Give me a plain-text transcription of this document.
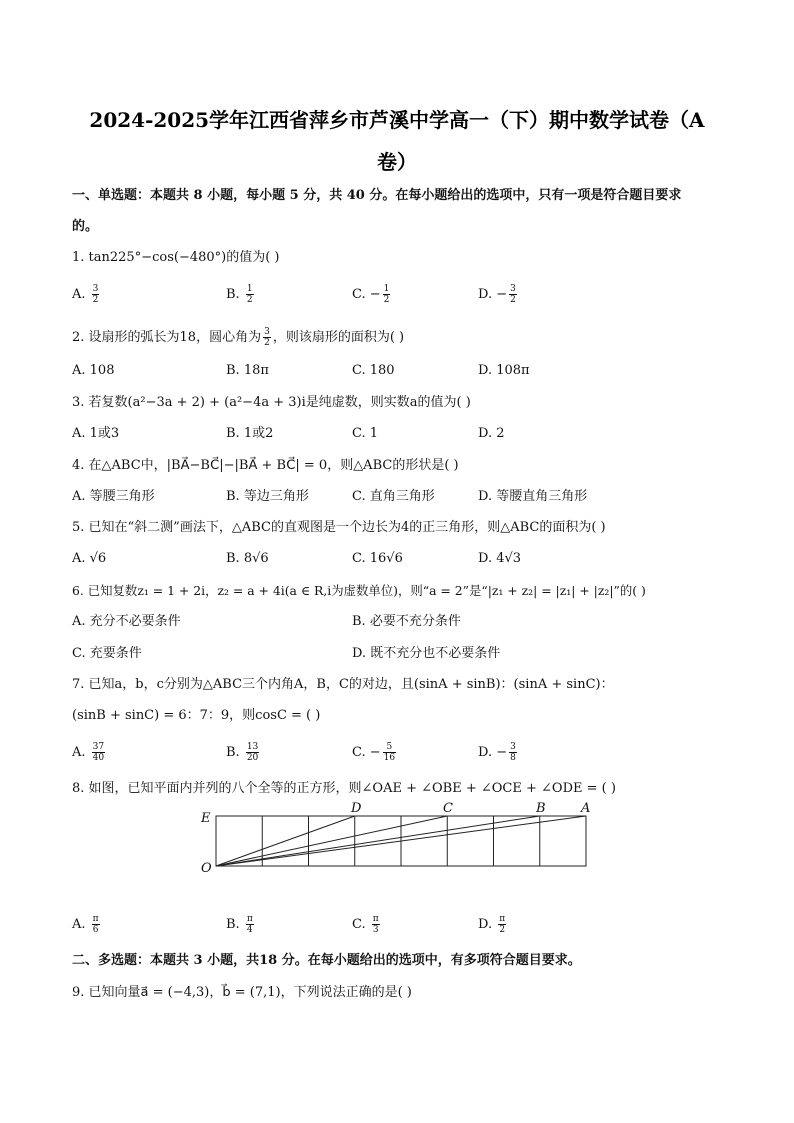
2024-2025学年江西省萍乡市芦溪中学高一（下）期中数学试卷（A
卷）
一、单选题：本题共 8 小题，每小题 5 分，共 40 分。在每小题给出的选项中，只有一项是符合题目要求
的。
1. tan225°−cos(−480°)的值为( )
A. $\frac{3}{2}$	B. $\frac{1}{2}$	C. − $\frac{1}{2}$	D. − $\frac{3}{2}$
2. 设扇形的弧长为18，圆心角为 $\frac{3}{2}$ ，则该扇形的面积为( )
A. 108	B. 18π	C. 180	D. 108π
3. 若复数(a²−3a + 2) + (a²−4a + 3)i是纯虚数，则实数a的值为( )
A. 1或3	B. 1或2	C. 1	D. 2
4. 在△ABC中，|BA⃗−BC⃗|−|BA⃗ + BC⃗| = 0，则△ABC的形状是( )
A. 等腰三角形	B. 等边三角形	C. 直角三角形	D. 等腰直角三角形
5. 已知在“斜二测”画法下，△ABC的直观图是一个边长为4的正三角形，则△ABC的面积为( )
A. √6	B. 8√6	C. 16√6	D. 4√3
6. 已知复数z₁ = 1 + 2i，z₂ = a + 4i(a ∈ R,i为虚数单位)，则“a = 2”是“|z₁ + z₂| = |z₁| + |z₂|”的( )
A. 充分不必要条件	B. 必要不充分条件
C. 充要条件	D. 既不充分也不必要条件
7. 已知a，b，c分别为△ABC三个内角A，B，C的对边，且(sinA + sinB)：(sinA + sinC)：
(sinB + sinC) = 6：7：9，则cosC = ( )
A. $\frac{37}{40}$	B. $\frac{13}{20}$	C. − $\frac{5}{16}$	D. − $\frac{3}{8}$
8. 如图，已知平面内并列的八个全等的正方形，则∠OAE + ∠OBE + ∠OCE + ∠ODE = ( )
E
O
D	C	B	A
A. $\frac{\pi}{6}$	B. $\frac{\pi}{4}$	C. $\frac{\pi}{3}$	D. $\frac{\pi}{2}$
二、多选题：本题共 3 小题，共18 分。在每小题给出的选项中，有多项符合题目要求。
9. 已知向量a⃗ = (−4,3)，b⃗ = (7,1)，下列说法正确的是( )
